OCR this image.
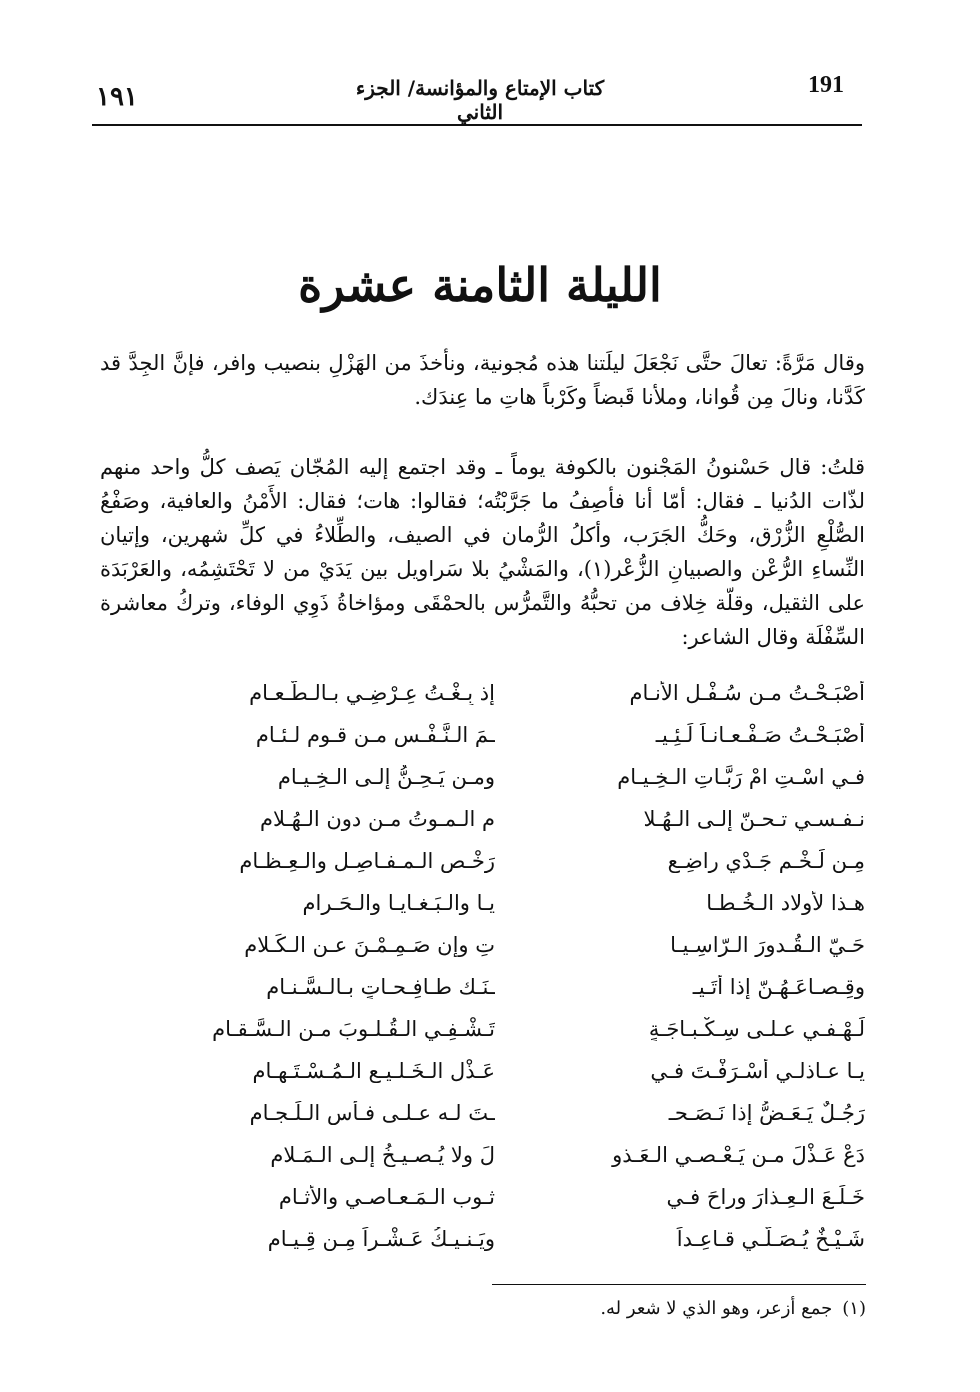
191
كتاب الإمتاع والمؤانسة/ الجزء الثاني
١٩١
الليلة الثامنة عشرة
وقال مَرَّةً: تعالَ حتَّى نَجْعَلَ ليلَتنا هذه مُجونية، ونأخذَ من الهَزْلِ بنصيب وافر، فإنَّ الجِدَّ قد كَدَّنا، ونالَ مِن قُوانا، وملأنا قَبضاً وكَرْباً هاتِ ما عِندَك.
قلتُ: قال حَسْنونُ المَجْنون بالكوفة يوماً ـ وقد اجتمع إليه المُجّان يَصف كلُّ واحد منهم لذّات الدُنيا ـ فقال: أمّا أنا فأصِفُ ما جَرَّبْتُه؛ فقالوا: هات؛ فقال: الأَمْنُ والعافية، وصَفْعُ الصُّلْعِ الزُّرْق، وحَكُّ الجَرَب، وأكلُ الرُّمان في الصيف، والطِّلاءُ في كلِّ شهرين، وإتيان النِّساءِ الرُّعْن والصبيانِ الزُّعْر(١)، والمَشْيُ بلا سَراويل بين يَدَيْ من لا تَحْتَشِمُه، والعَرْبَدَة على الثقيل، وقلّة خِلاف من تحبُّهُ والتَّمرُّس بالحمْقَى ومؤاخاةُ ذَوِي الوفاء، وتركُ معاشرة السِّفْلَة وقال الشاعر:
أَصْبَـحْـتُ مـن سُـفْـلِ الأنـامِ
إذ بِـغْـتُ عِـرْضِـي بـالـطَّـعـامِ
أَصْبَـحْـتُ صَـفْـعـانـاً لَـئِـيـ
ـمَ الـنَّـفْـسِ مـن قـوم لـئـامِ
فـي اسْـتِ امْ رَبَّـاتِ الـخِـيـامِ
ومـن يَـحِـنُّ إلـى الـخِـيـامِ
نـفـسـي تـحـنّ إلـى الـهُـلا
م الـمـوتُ مـن دون الـهُـلامِ
مِـن لَـخْـم جَـدْيٍ راضِـع
رَخْـص الـمـفـاصِـلِ والـعِـظـامِ
هـذا لأولاد الـخُـطـا
يـا والـبَـغـايـا والـحَـرامِ
حَـيّ الـقُـدورَ الـرّاسِـيـا
تِ وإن صَـمِـمْـنَ عـن الـكَـلامِ
وقِـصـاعَـهُـنّ إذا أتَـيـ
ـنَـك طـافِـحـاتٍ بـالـسَّـنـامِ
لَـهْـفـي عـلـى سِـكْـبـاجَـةٍ
تَـشْـفِـي الـقُـلـوبَ مـن الـسَّـقـامِ
يـا عـاذلـي أَسْـرَفْـتَ فـي
عَـذْلِ الـخَـلـيـع الـمُـسْـتَـهـامِ
رَجُـلٌ يَـعَـضُّ إذا نَـصَـحـ
ـتَ لـه عـلـى فـأسِ الـلِّـجـامِ
دَعْ عَـذْلَ مـن يَـعْـصـي الـعَـذو
لَ ولا يُـصـيـخُ إلـى الـمَـلامِ
خَـلَـعَ الـعِـذارَ وراحَ فـي
ثـوب الـمَـعـاصـي والأثـامِ
شَـيْـخٌ يُـصَـلّـي قـاعِـداً
ويَـنـيـكُ عَـشْـراً مِـن قِـيـامِ
(١)جمع أزعر، وهو الذي لا شعر له.
